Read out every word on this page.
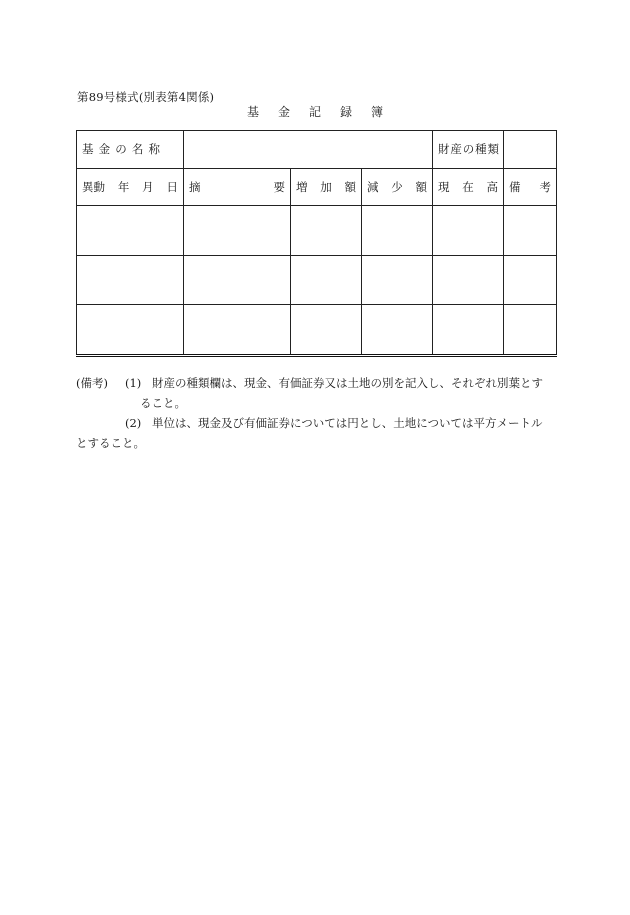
第89号様式(別表第4関係)
基金記録簿
基 金 の 名 称				財 産 の 種 類	

異動 年 月 日	摘 要	増 加 額	減 少 額	現 在 高	備 考

(備考) (1) 財産の種類欄は、現金、有価証券又は土地の別を記入し、それぞれ別葉とす
ること。
(2) 単位は、現金及び有価証券については円とし、土地については平方メートル
とすること。
